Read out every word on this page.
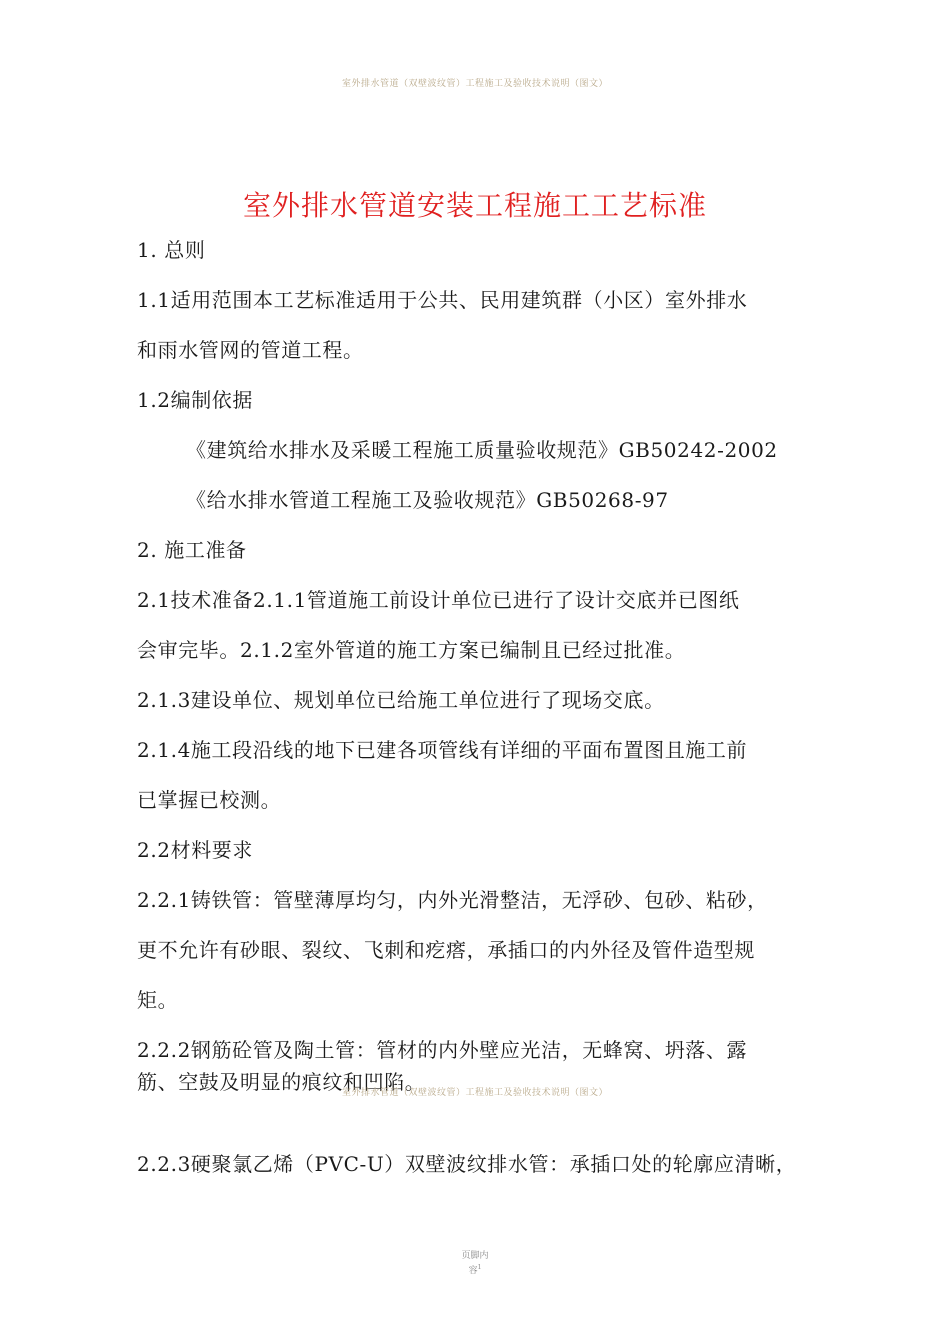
室外排水管道（双壁波纹管）工程施工及验收技术说明（图文）
室外排水管道安装工程施工工艺标准
1. 总则
1.1适用范围本工艺标准适用于公共、民用建筑群（小区）室外排水
和雨水管网的管道工程。
1.2编制依据
《建筑给水排水及采暖工程施工质量验收规范》GB50242-2002
《给水排水管道工程施工及验收规范》GB50268-97
2. 施工准备
2.1技术准备2.1.1管道施工前设计单位已进行了设计交底并已图纸
会审完毕。2.1.2室外管道的施工方案已编制且已经过批准。
2.1.3建设单位、规划单位已给施工单位进行了现场交底。
2.1.4施工段沿线的地下已建各项管线有详细的平面布置图且施工前
已掌握已校测。
2.2材料要求
2.2.1铸铁管：管壁薄厚均匀，内外光滑整洁，无浮砂、包砂、粘砂，
更不允许有砂眼、裂纹、飞刺和疙瘩，承插口的内外径及管件造型规
矩。
2.2.2钢筋砼管及陶土管：管材的内外壁应光洁，无蜂窝、坍落、露
筋、空鼓及明显的痕纹和凹陷。
室外排水管道（双壁波纹管）工程施工及验收技术说明（图文）
2.2.3硬聚氯乙烯（PVC-U）双壁波纹排水管：承插口处的轮廓应清晰，
页脚内
容$^1$
